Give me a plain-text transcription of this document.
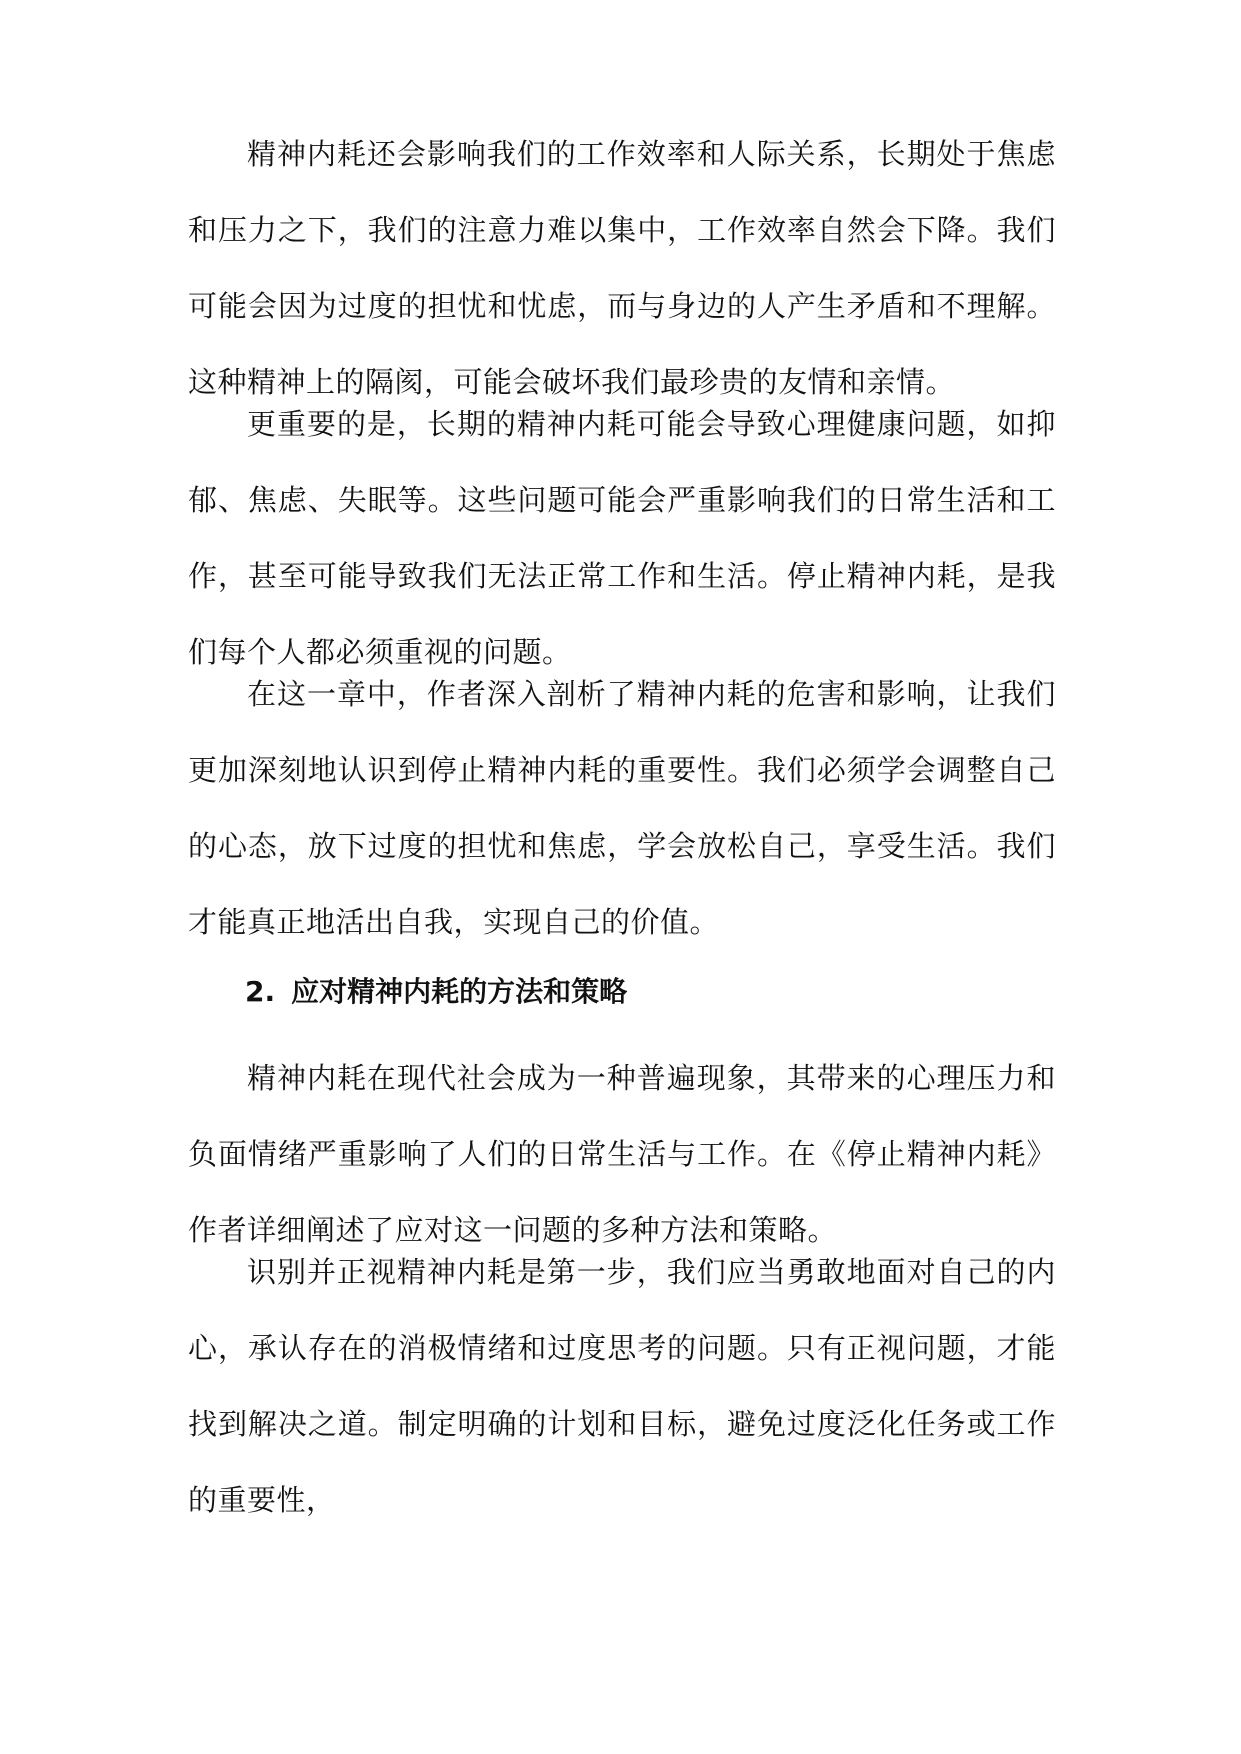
精神内耗还会影响我们的工作效率和人际关系，长期处于焦虑和压力之下，我们的注意力难以集中，工作效率自然会下降。我们可能会因为过度的担忧和忧虑，而与身边的人产生矛盾和不理解。这种精神上的隔阂，可能会破坏我们最珍贵的友情和亲情。

更重要的是，长期的精神内耗可能会导致心理健康问题，如抑郁、焦虑、失眠等。这些问题可能会严重影响我们的日常生活和工作，甚至可能导致我们无法正常工作和生活。停止精神内耗，是我们每个人都必须重视的问题。

在这一章中，作者深入剖析了精神内耗的危害和影响，让我们更加深刻地认识到停止精神内耗的重要性。我们必须学会调整自己的心态，放下过度的担忧和焦虑，学会放松自己，享受生活。我们才能真正地活出自我，实现自己的价值。

2. 应对精神内耗的方法和策略

精神内耗在现代社会成为一种普遍现象，其带来的心理压力和负面情绪严重影响了人们的日常生活与工作。在《停止精神内耗》作者详细阐述了应对这一问题的多种方法和策略。

识别并正视精神内耗是第一步，我们应当勇敢地面对自己的内心，承认存在的消极情绪和过度思考的问题。只有正视问题，才能找到解决之道。制定明确的计划和目标，避免过度泛化任务或工作的重要性，
